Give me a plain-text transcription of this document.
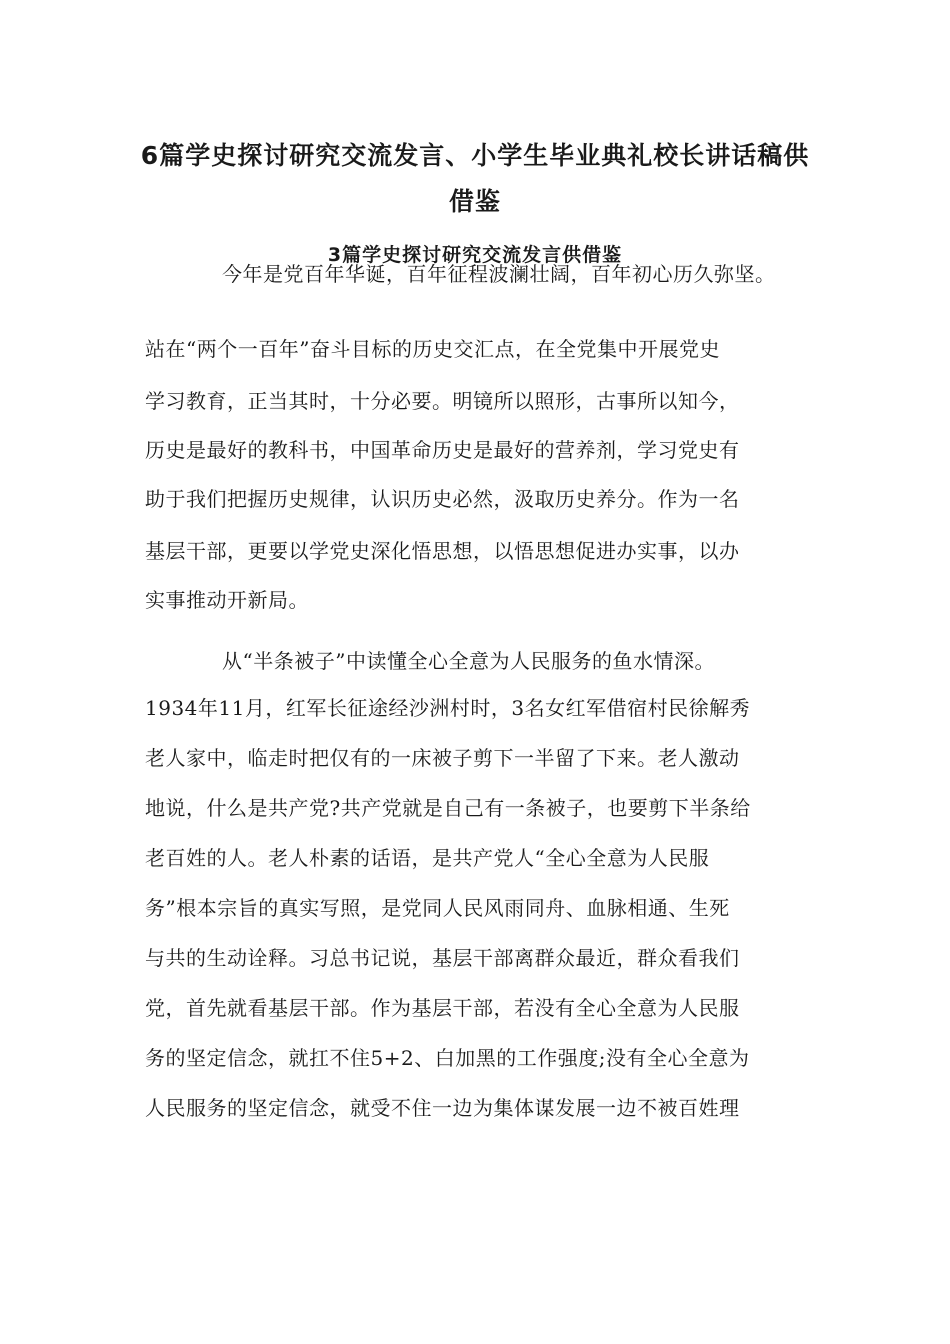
6篇学史探讨研究交流发言、小学生毕业典礼校长讲话稿供
借鉴
3篇学史探讨研究交流发言供借鉴
今年是党百年华诞，百年征程波澜壮阔，百年初心历久弥坚。
站在“两个一百年”奋斗目标的历史交汇点，在全党集中开展党史
学习教育，正当其时，十分必要。明镜所以照形，古事所以知今，
历史是最好的教科书，中国革命历史是最好的营养剂，学习党史有
助于我们把握历史规律，认识历史必然，汲取历史养分。作为一名
基层干部，更要以学党史深化悟思想，以悟思想促进办实事，以办
实事推动开新局。
从“半条被子”中读懂全心全意为人民服务的鱼水情深。
1934年11月，红军长征途经沙洲村时，3名女红军借宿村民徐解秀
老人家中，临走时把仅有的一床被子剪下一半留了下来。老人激动
地说，什么是共产党?共产党就是自己有一条被子，也要剪下半条给
老百姓的人。老人朴素的话语，是共产党人“全心全意为人民服
务”根本宗旨的真实写照，是党同人民风雨同舟、血脉相通、生死
与共的生动诠释。习总书记说，基层干部离群众最近，群众看我们
党，首先就看基层干部。作为基层干部，若没有全心全意为人民服
务的坚定信念，就扛不住5+2、白加黑的工作强度;没有全心全意为
人民服务的坚定信念，就受不住一边为集体谋发展一边不被百姓理
